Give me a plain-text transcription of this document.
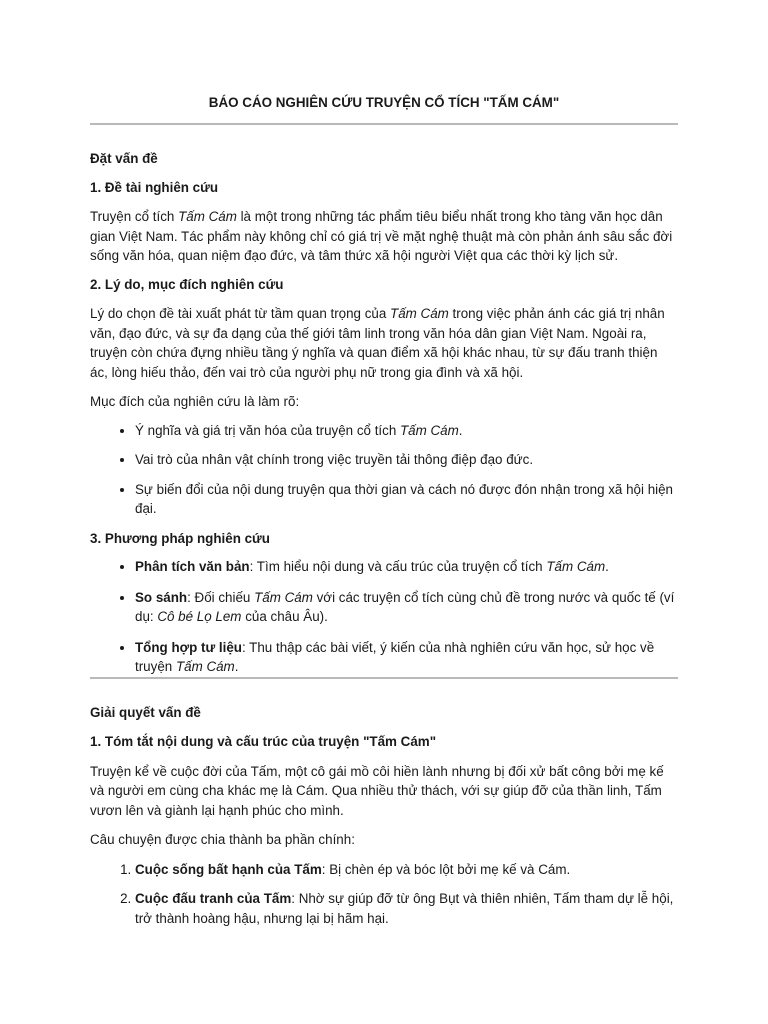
BÁO CÁO NGHIÊN CỨU TRUYỆN CỔ TÍCH "TẤM CÁM"
Đặt vấn đề
1. Đề tài nghiên cứu

Truyện cổ tích Tấm Cám là một trong những tác phẩm tiêu biểu nhất trong kho tàng văn học dân gian Việt Nam. Tác phẩm này không chỉ có giá trị về mặt nghệ thuật mà còn phản ánh sâu sắc đời sống văn hóa, quan niệm đạo đức, và tâm thức xã hội người Việt qua các thời kỳ lịch sử.

2. Lý do, mục đích nghiên cứu

Lý do chọn đề tài xuất phát từ tầm quan trọng của Tấm Cám trong việc phản ánh các giá trị nhân văn, đạo đức, và sự đa dạng của thế giới tâm linh trong văn hóa dân gian Việt Nam. Ngoài ra, truyện còn chứa đựng nhiều tầng ý nghĩa và quan điểm xã hội khác nhau, từ sự đấu tranh thiện ác, lòng hiếu thảo, đến vai trò của người phụ nữ trong gia đình và xã hội.

Mục đích của nghiên cứu là làm rõ:

• Ý nghĩa và giá trị văn hóa của truyện cổ tích Tấm Cám.
• Vai trò của nhân vật chính trong việc truyền tải thông điệp đạo đức.
• Sự biến đổi của nội dung truyện qua thời gian và cách nó được đón nhận trong xã hội hiện đại.
3. Phương pháp nghiên cứu
• Phân tích văn bản: Tìm hiểu nội dung và cấu trúc của truyện cổ tích Tấm Cám.
• So sánh: Đối chiếu Tấm Cám với các truyện cổ tích cùng chủ đề trong nước và quốc tế (ví dụ: Cô bé Lọ Lem của châu Âu).
• Tổng hợp tư liệu: Thu thập các bài viết, ý kiến của nhà nghiên cứu văn học, sử học về truyện Tấm Cám.
Giải quyết vấn đề
1. Tóm tắt nội dung và cấu trúc của truyện "Tấm Cám"

Truyện kể về cuộc đời của Tấm, một cô gái mồ côi hiền lành nhưng bị đối xử bất công bởi mẹ kế và người em cùng cha khác mẹ là Cám. Qua nhiều thử thách, với sự giúp đỡ của thần linh, Tấm vươn lên và giành lại hạnh phúc cho mình.

Câu chuyện được chia thành ba phần chính:

1. Cuộc sống bất hạnh của Tấm: Bị chèn ép và bóc lột bởi mẹ kế và Cám.
2. Cuộc đấu tranh của Tấm: Nhờ sự giúp đỡ từ ông Bụt và thiên nhiên, Tấm tham dự lễ hội, trở thành hoàng hậu, nhưng lại bị hãm hại.
